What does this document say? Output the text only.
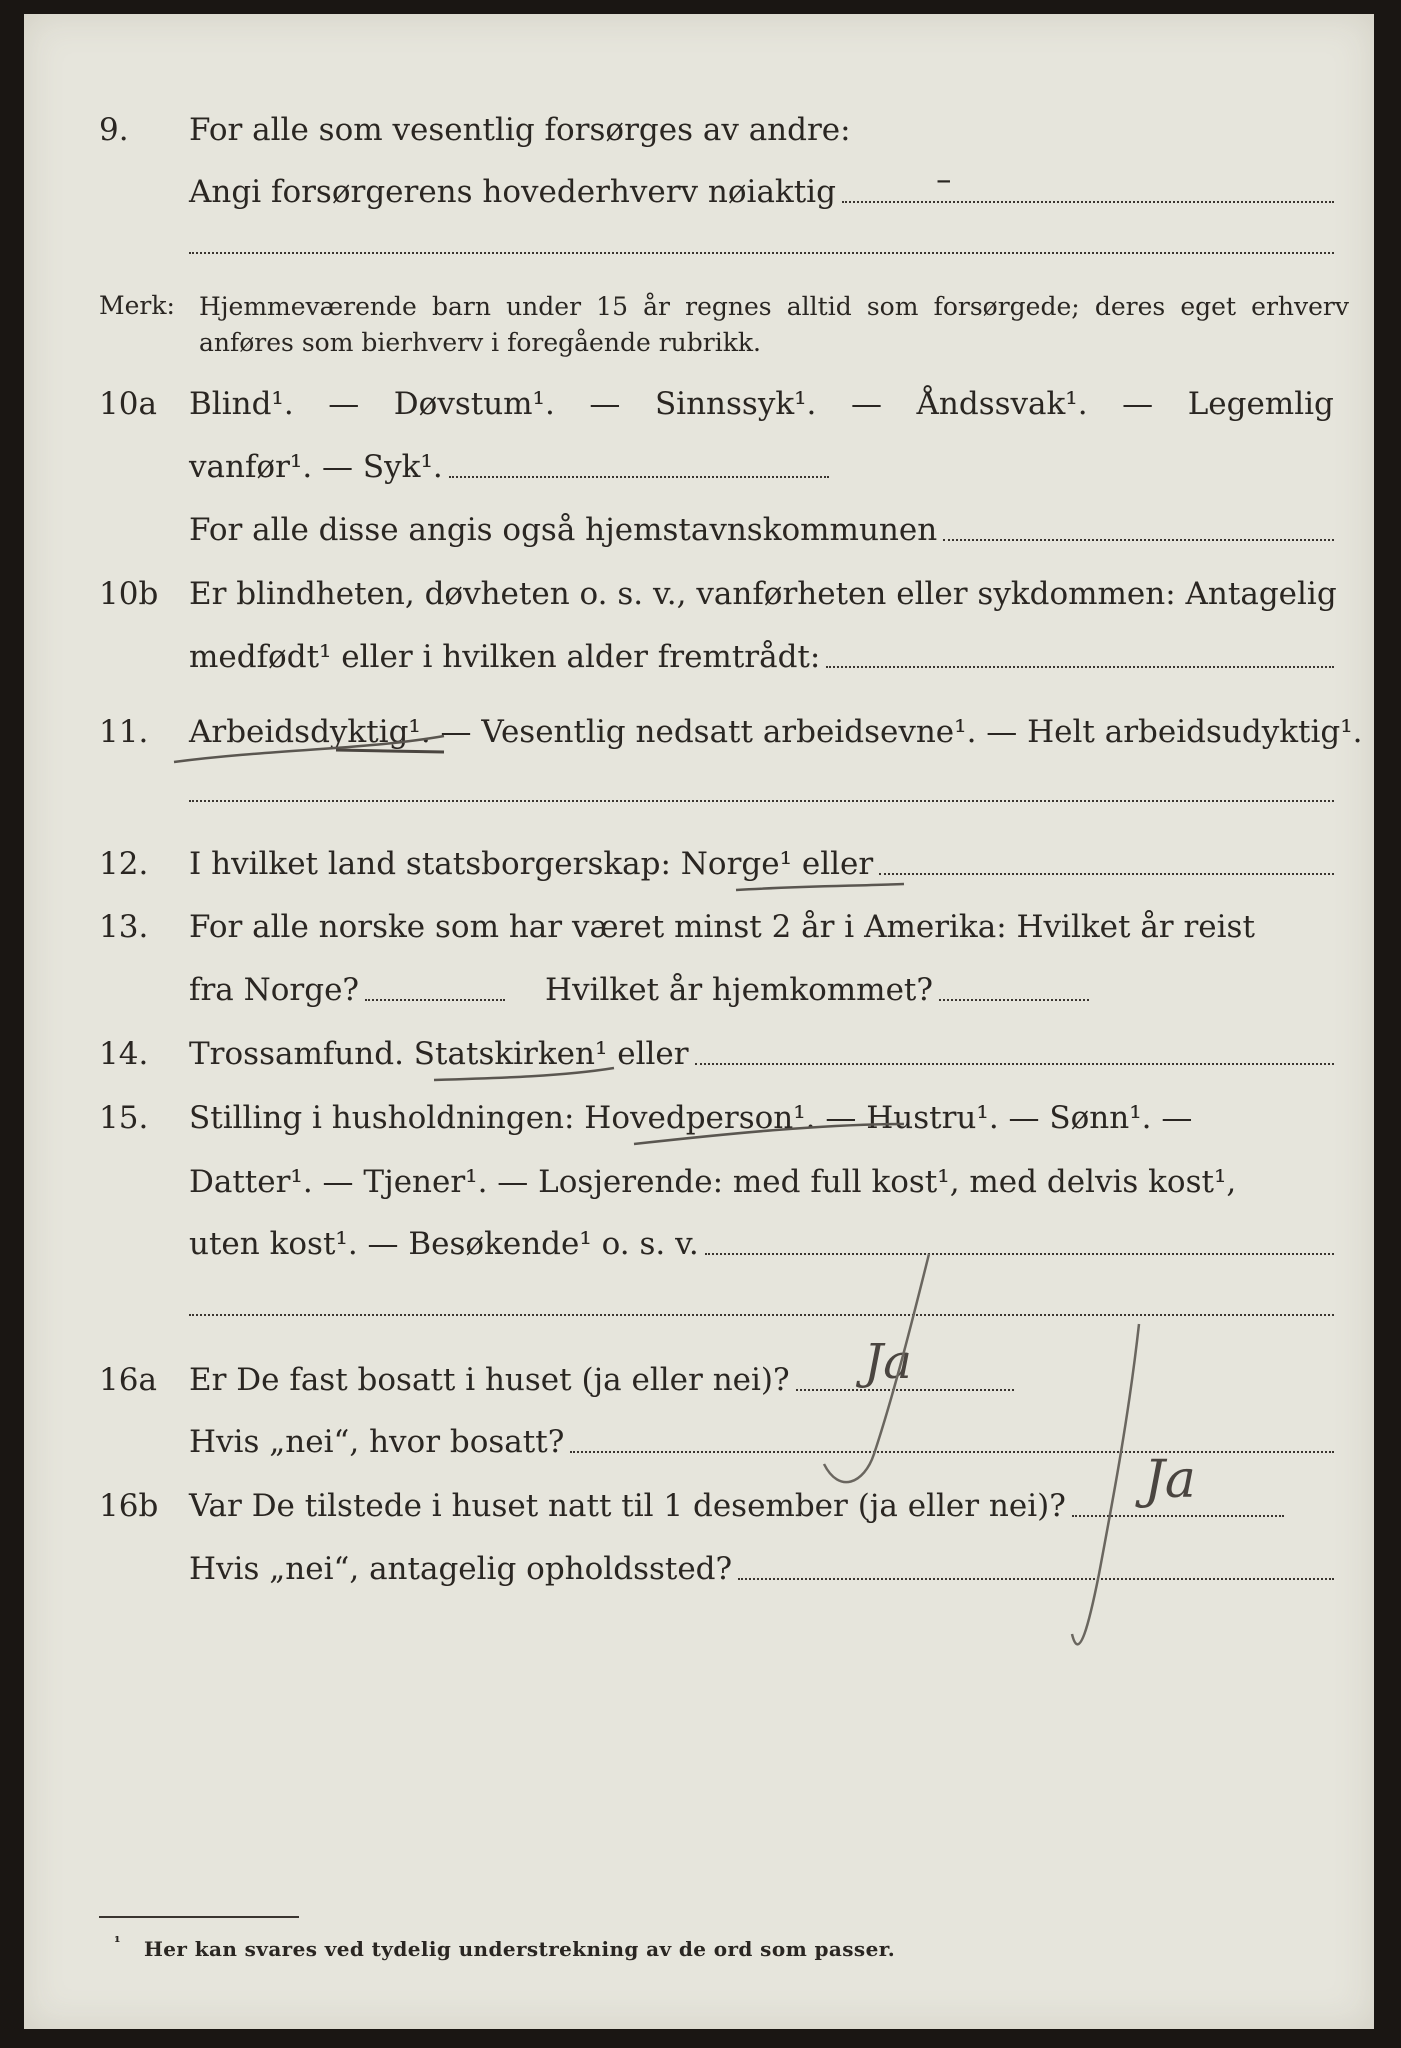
9. For alle som vesentlig forsørges av andre:
Angi forsørgerens hovederhverv nøiaktig	–
Merk: Hjemmeværende barn under 15 år regnes alltid som forsørgede; deres eget erhverv anføres som bierhverv i foregående rubrikk.
10a Blind¹. — Døvstum¹. — Sinnssyk¹. — Åndssvak¹. — Legemlig
vanfør¹. — Syk¹.
For alle disse angis også hjemstavnskommunen
10b Er blindheten, døvheten o. s. v., vanførheten eller sykdommen: Antagelig
medfødt¹ eller i hvilken alder fremtrådt:
11. Arbeidsdyktig¹. — Vesentlig nedsatt arbeidsevne¹. — Helt arbeidsudyktig¹.
12. I hvilket land statsborgerskap: Norge¹ eller
13. For alle norske som har været minst 2 år i Amerika: Hvilket år reist
fra Norge?	Hvilket år hjemkommet?
14. Trossamfund. Statskirken¹ eller
15. Stilling i husholdningen: Hovedperson¹. — Hustru¹. — Sønn¹. —
Datter¹. — Tjener¹. — Losjerende: med full kost¹, med delvis kost¹,
uten kost¹. — Besøkende¹ o. s. v.
16a Er De fast bosatt i huset (ja eller nei)? Ja
Hvis „nei“, hvor bosatt?
16b Var De tilstede i huset natt til 1 desember (ja eller nei)? Ja
Hvis „nei“, antagelig opholdssted?
¹ Her kan svares ved tydelig understrekning av de ord som passer.
